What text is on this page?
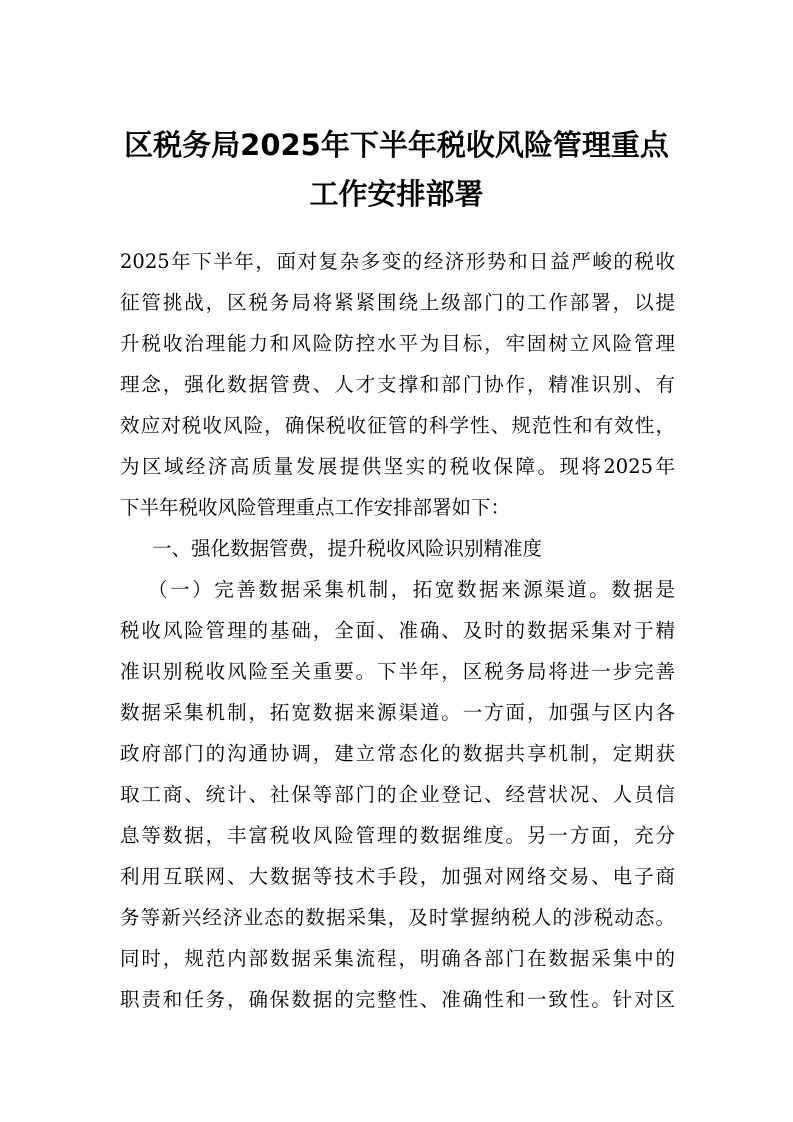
区税务局2025年下半年税收风险管理重点
工作安排部署
2025年下半年，面对复杂多变的经济形势和日益严峻的税收
征管挑战，区税务局将紧紧围绕上级部门的工作部署，以提
升税收治理能力和风险防控水平为目标，牢固树立风险管理
理念，强化数据管费、人才支撑和部门协作，精准识别、有
效应对税收风险，确保税收征管的科学性、规范性和有效性，
为区域经济高质量发展提供坚实的税收保障。现将2025年
下半年税收风险管理重点工作安排部署如下：
一、强化数据管费，提升税收风险识别精准度
（一）完善数据采集机制，拓宽数据来源渠道。数据是
税收风险管理的基础，全面、准确、及时的数据采集对于精
准识别税收风险至关重要。下半年，区税务局将进一步完善
数据采集机制，拓宽数据来源渠道。一方面，加强与区内各
政府部门的沟通协调，建立常态化的数据共享机制，定期获
取工商、统计、社保等部门的企业登记、经营状况、人员信
息等数据，丰富税收风险管理的数据维度。另一方面，充分
利用互联网、大数据等技术手段，加强对网络交易、电子商
务等新兴经济业态的数据采集，及时掌握纳税人的涉税动态。
同时，规范内部数据采集流程，明确各部门在数据采集中的
职责和任务，确保数据的完整性、准确性和一致性。针对区
